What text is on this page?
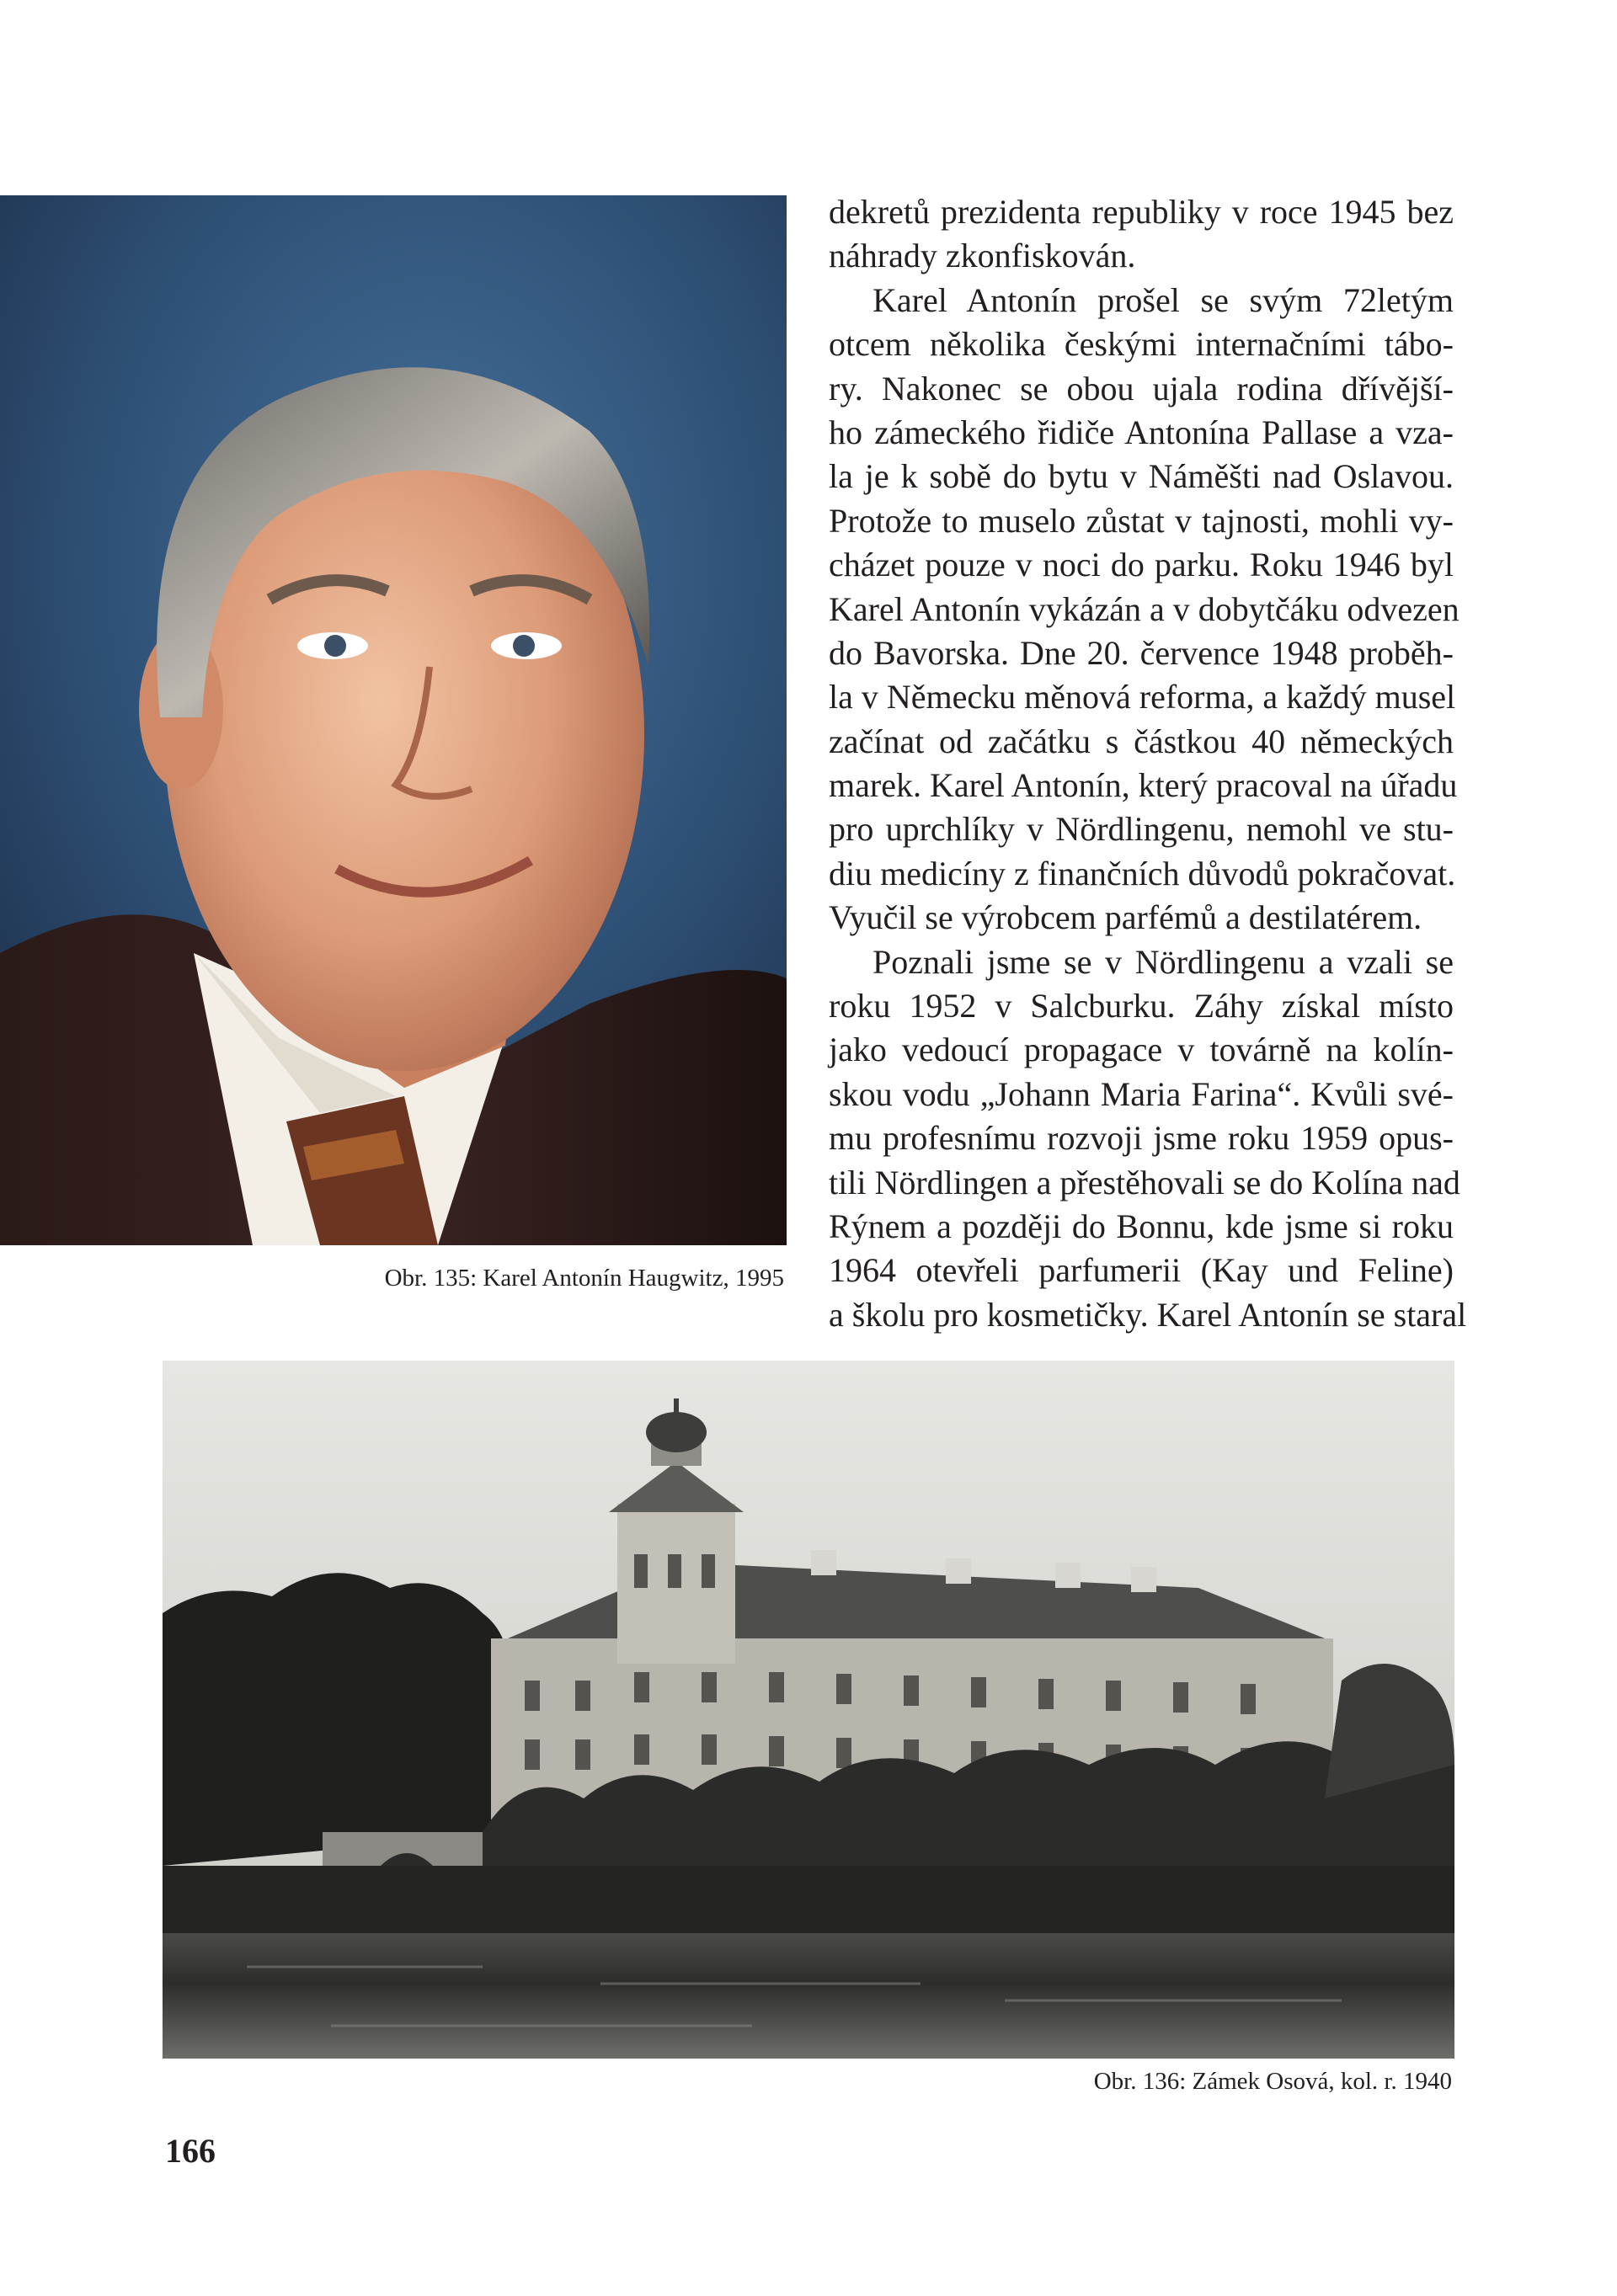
Obr. 135: Karel Antonín Haugwitz, 1995
dekretů prezidenta republiky v roce 1945 bez
náhrady zkonfiskován.
Karel Antonín prošel se svým 72letým
otcem několika českými internačními tábo-
ry. Nakonec se obou ujala rodina dřívější-
ho zámeckého řidiče Antonína Pallase a vza-
la je k sobě do bytu v Náměšti nad Oslavou.
Protože to muselo zůstat v tajnosti, mohli vy-
cházet pouze v noci do parku. Roku 1946 byl
Karel Antonín vykázán a v dobytčáku odvezen
do Bavorska. Dne 20. července 1948 proběh-
la v Německu měnová reforma, a každý musel
začínat od začátku s částkou 40 německých
marek. Karel Antonín, který pracoval na úřadu
pro uprchlíky v Nördlingenu, nemohl ve stu-
diu medicíny z finančních důvodů pokračovat.
Vyučil se výrobcem parfémů a destilatérem.
Poznali jsme se v Nördlingenu a vzali se
roku 1952 v Salcburku. Záhy získal místo
jako vedoucí propagace v továrně na kolín-
skou vodu „Johann Maria Farina“. Kvůli své-
mu profesnímu rozvoji jsme roku 1959 opus-
tili Nördlingen a přestěhovali se do Kolína nad
Rýnem a později do Bonnu, kde jsme si roku
1964 otevřeli parfumerii (Kay und Feline)
a školu pro kosmetičky. Karel Antonín se staral
Obr. 136: Zámek Osová, kol. r. 1940
166
